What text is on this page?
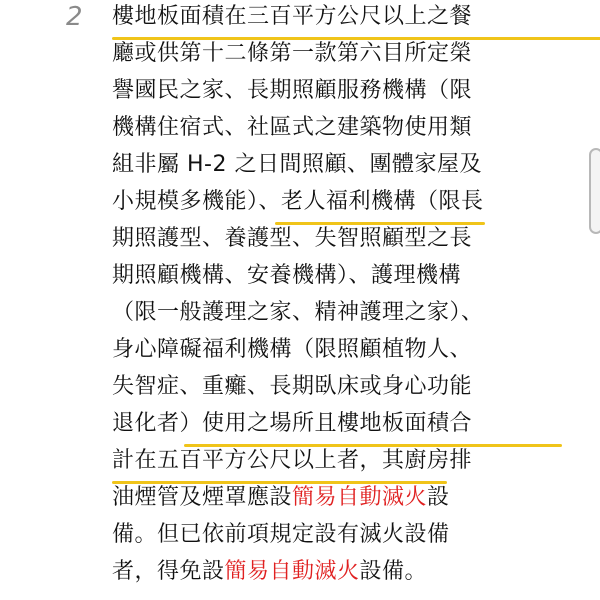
2 樓地板面積在三百平方公尺以上之餐
廳或供第十二條第一款第六目所定榮
譽國民之家、長期照顧服務機構（限
機構住宿式、社區式之建築物使用類
組非屬 H-2 之日間照顧、團體家屋及
小規模多機能）、老人福利機構
（限長
期照護型、養護型、失智照顧型之長
期照顧機構、安養機構）、護理機構
（限一般護理之家、精神護理之家）、
身心障礙福利機構（限照顧植物人、
失智症、重癱、長期臥床或身心功能
退化者）使用之場所且樓地板面積合
計在五百平方公尺以上者
，其廚房排
油煙管及煙罩應設簡易自動滅火設
備。但已依前項規定設有滅火設備
者，得免設簡易自動滅火設備。
